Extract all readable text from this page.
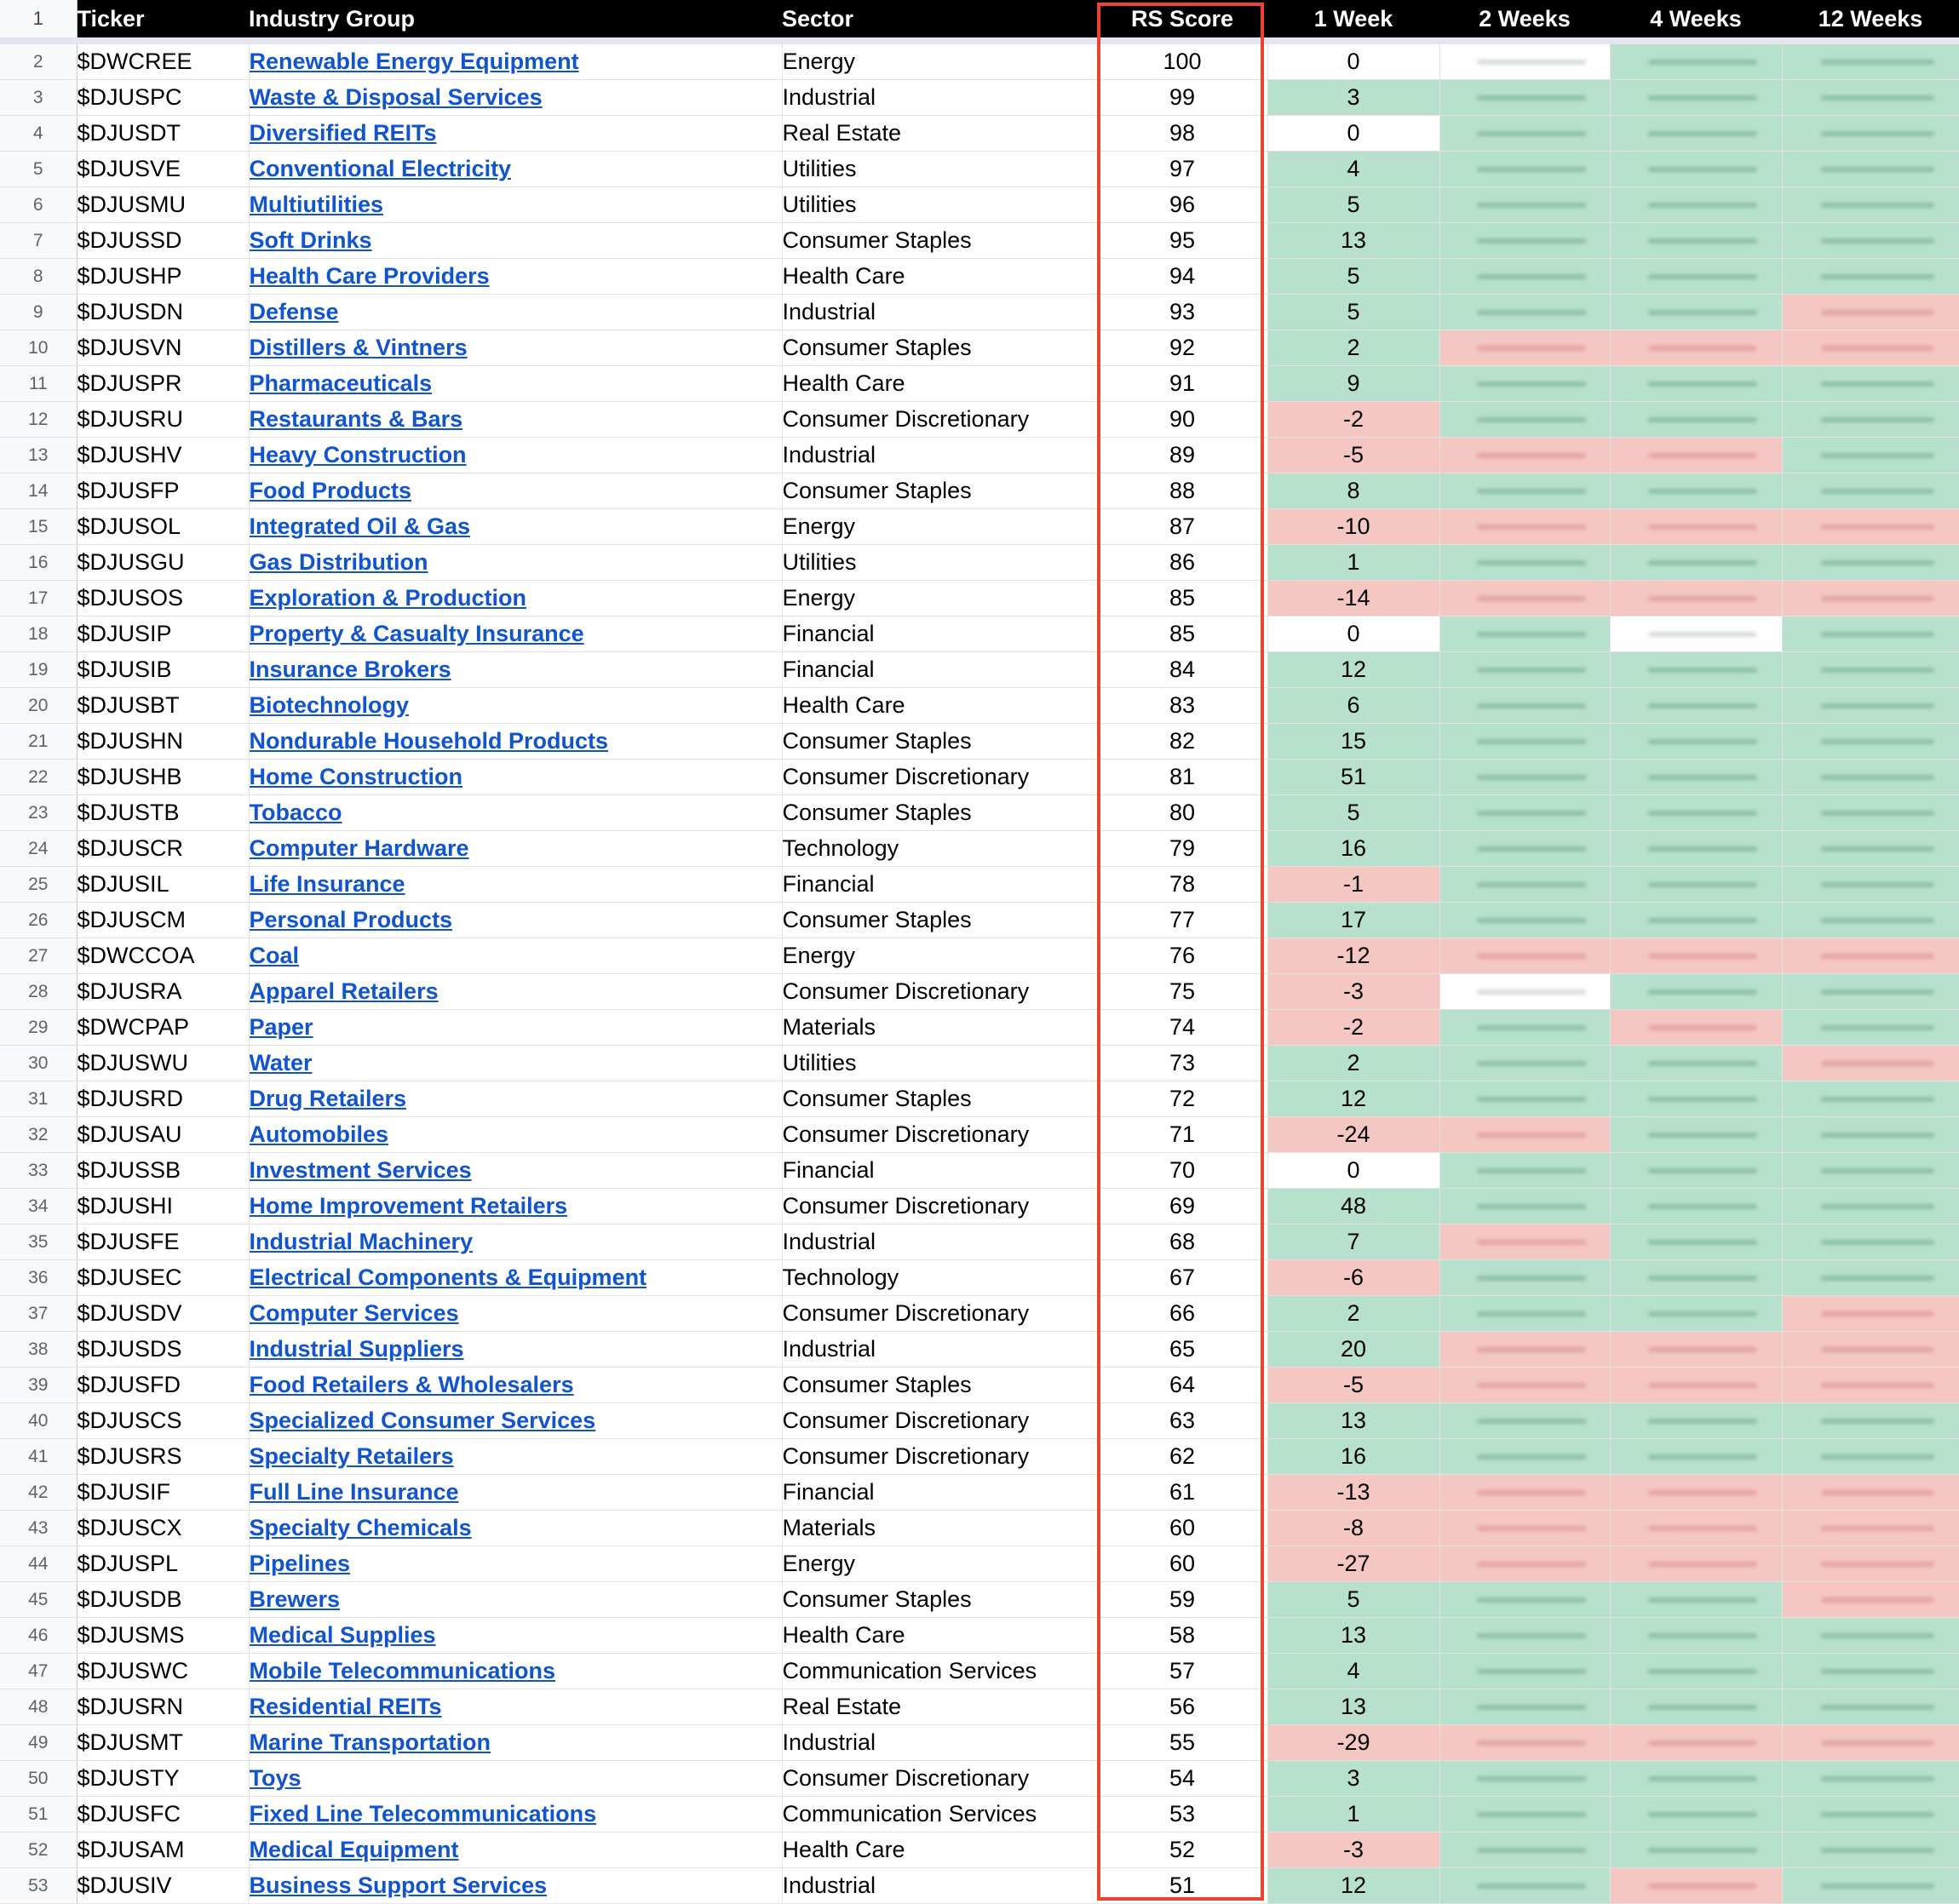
1	Ticker	Industry Group	Sector	RS Score	1 Week	2 Weeks	4 Weeks	12 Weeks
2	$DWCREE	Renewable Energy Equipment	Energy	100	0	

3	$DJUSPC	Waste & Disposal Services	Industrial	99	3	

4	$DJUSDT	Diversified REITs	Real Estate	98	0	

5	$DJUSVE	Conventional Electricity	Utilities	97	4	

6	$DJUSMU	Multiutilities	Utilities	96	5	

7	$DJUSSD	Soft Drinks	Consumer Staples	95	13	

8	$DJUSHP	Health Care Providers	Health Care	94	5	

9	$DJUSDN	Defense	Industrial	93	5	

10	$DJUSVN	Distillers & Vintners	Consumer Staples	92	2	

11	$DJUSPR	Pharmaceuticals	Health Care	91	9	

12	$DJUSRU	Restaurants & Bars	Consumer Discretionary	90	-2	

13	$DJUSHV	Heavy Construction	Industrial	89	-5	

14	$DJUSFP	Food Products	Consumer Staples	88	8	

15	$DJUSOL	Integrated Oil & Gas	Energy	87	-10	

16	$DJUSGU	Gas Distribution	Utilities	86	1	

17	$DJUSOS	Exploration & Production	Energy	85	-14	

18	$DJUSIP	Property & Casualty Insurance	Financial	85	0	

19	$DJUSIB	Insurance Brokers	Financial	84	12	

20	$DJUSBT	Biotechnology	Health Care	83	6	

21	$DJUSHN	Nondurable Household Products	Consumer Staples	82	15	

22	$DJUSHB	Home Construction	Consumer Discretionary	81	51	

23	$DJUSTB	Tobacco	Consumer Staples	80	5	

24	$DJUSCR	Computer Hardware	Technology	79	16	

25	$DJUSIL	Life Insurance	Financial	78	-1	

26	$DJUSCM	Personal Products	Consumer Staples	77	17	

27	$DWCCOA	Coal	Energy	76	-12	

28	$DJUSRA	Apparel Retailers	Consumer Discretionary	75	-3	

29	$DWCPAP	Paper	Materials	74	-2	

30	$DJUSWU	Water	Utilities	73	2	

31	$DJUSRD	Drug Retailers	Consumer Staples	72	12	

32	$DJUSAU	Automobiles	Consumer Discretionary	71	-24	

33	$DJUSSB	Investment Services	Financial	70	0	

34	$DJUSHI	Home Improvement Retailers	Consumer Discretionary	69	48	

35	$DJUSFE	Industrial Machinery	Industrial	68	7	

36	$DJUSEC	Electrical Components & Equipment	Technology	67	-6	

37	$DJUSDV	Computer Services	Consumer Discretionary	66	2	

38	$DJUSDS	Industrial Suppliers	Industrial	65	20	

39	$DJUSFD	Food Retailers & Wholesalers	Consumer Staples	64	-5	

40	$DJUSCS	Specialized Consumer Services	Consumer Discretionary	63	13	

41	$DJUSRS	Specialty Retailers	Consumer Discretionary	62	16	

42	$DJUSIF	Full Line Insurance	Financial	61	-13	

43	$DJUSCX	Specialty Chemicals	Materials	60	-8	

44	$DJUSPL	Pipelines	Energy	60	-27	

45	$DJUSDB	Brewers	Consumer Staples	59	5	

46	$DJUSMS	Medical Supplies	Health Care	58	13	

47	$DJUSWC	Mobile Telecommunications	Communication Services	57	4	

48	$DJUSRN	Residential REITs	Real Estate	56	13	

49	$DJUSMT	Marine Transportation	Industrial	55	-29	

50	$DJUSTY	Toys	Consumer Discretionary	54	3	

51	$DJUSFC	Fixed Line Telecommunications	Communication Services	53	1	

52	$DJUSAM	Medical Equipment	Health Care	52	-3	

53	$DJUSIV	Business Support Services	Industrial	51	12	
